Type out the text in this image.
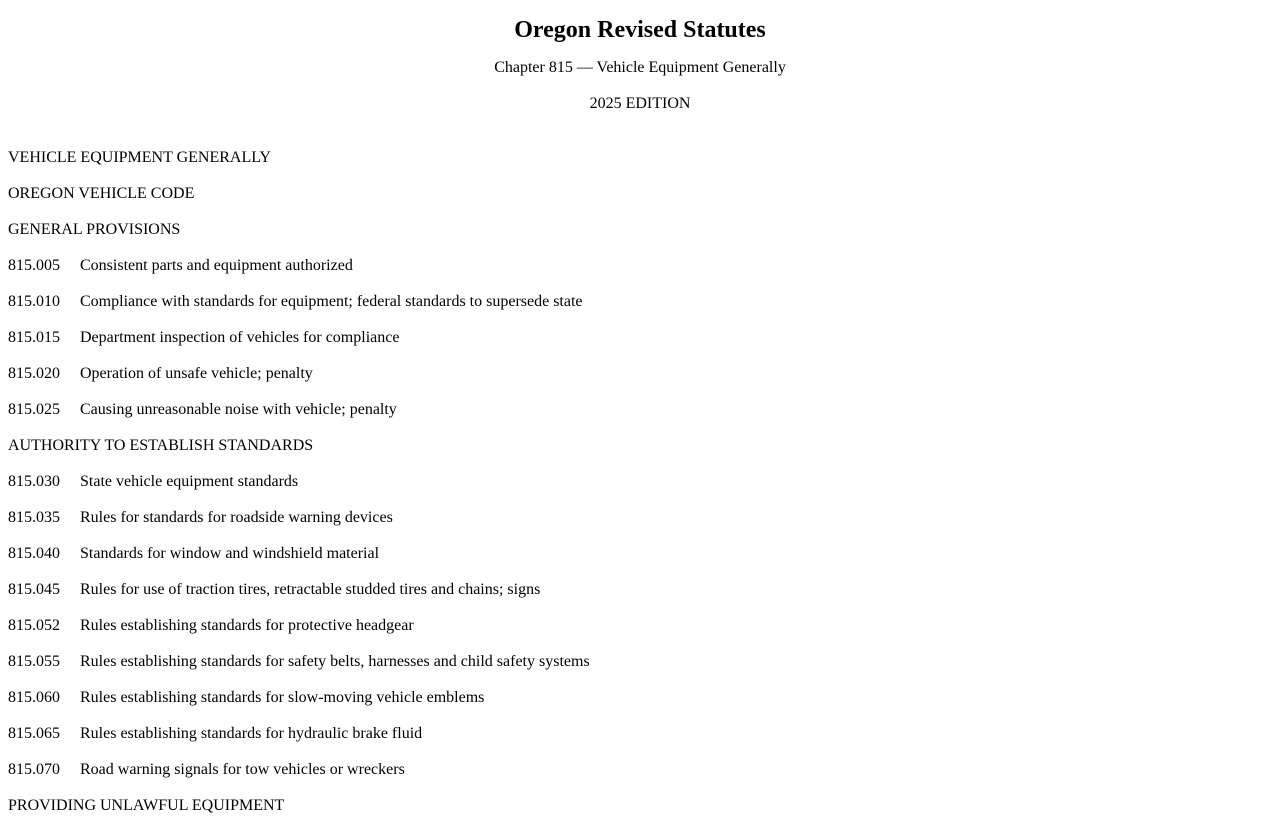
Oregon Revised Statutes
Chapter 815 — Vehicle Equipment Generally
2025 EDITION
VEHICLE EQUIPMENT GENERALLY
OREGON VEHICLE CODE
GENERAL PROVISIONS
815.005 Consistent parts and equipment authorized
815.010 Compliance with standards for equipment; federal standards to supersede state
815.015 Department inspection of vehicles for compliance
815.020 Operation of unsafe vehicle; penalty
815.025 Causing unreasonable noise with vehicle; penalty
AUTHORITY TO ESTABLISH STANDARDS
815.030 State vehicle equipment standards
815.035 Rules for standards for roadside warning devices
815.040 Standards for window and windshield material
815.045 Rules for use of traction tires, retractable studded tires and chains; signs
815.052 Rules establishing standards for protective headgear
815.055 Rules establishing standards for safety belts, harnesses and child safety systems
815.060 Rules establishing standards for slow-moving vehicle emblems
815.065 Rules establishing standards for hydraulic brake fluid
815.070 Road warning signals for tow vehicles or wreckers
PROVIDING UNLAWFUL EQUIPMENT
